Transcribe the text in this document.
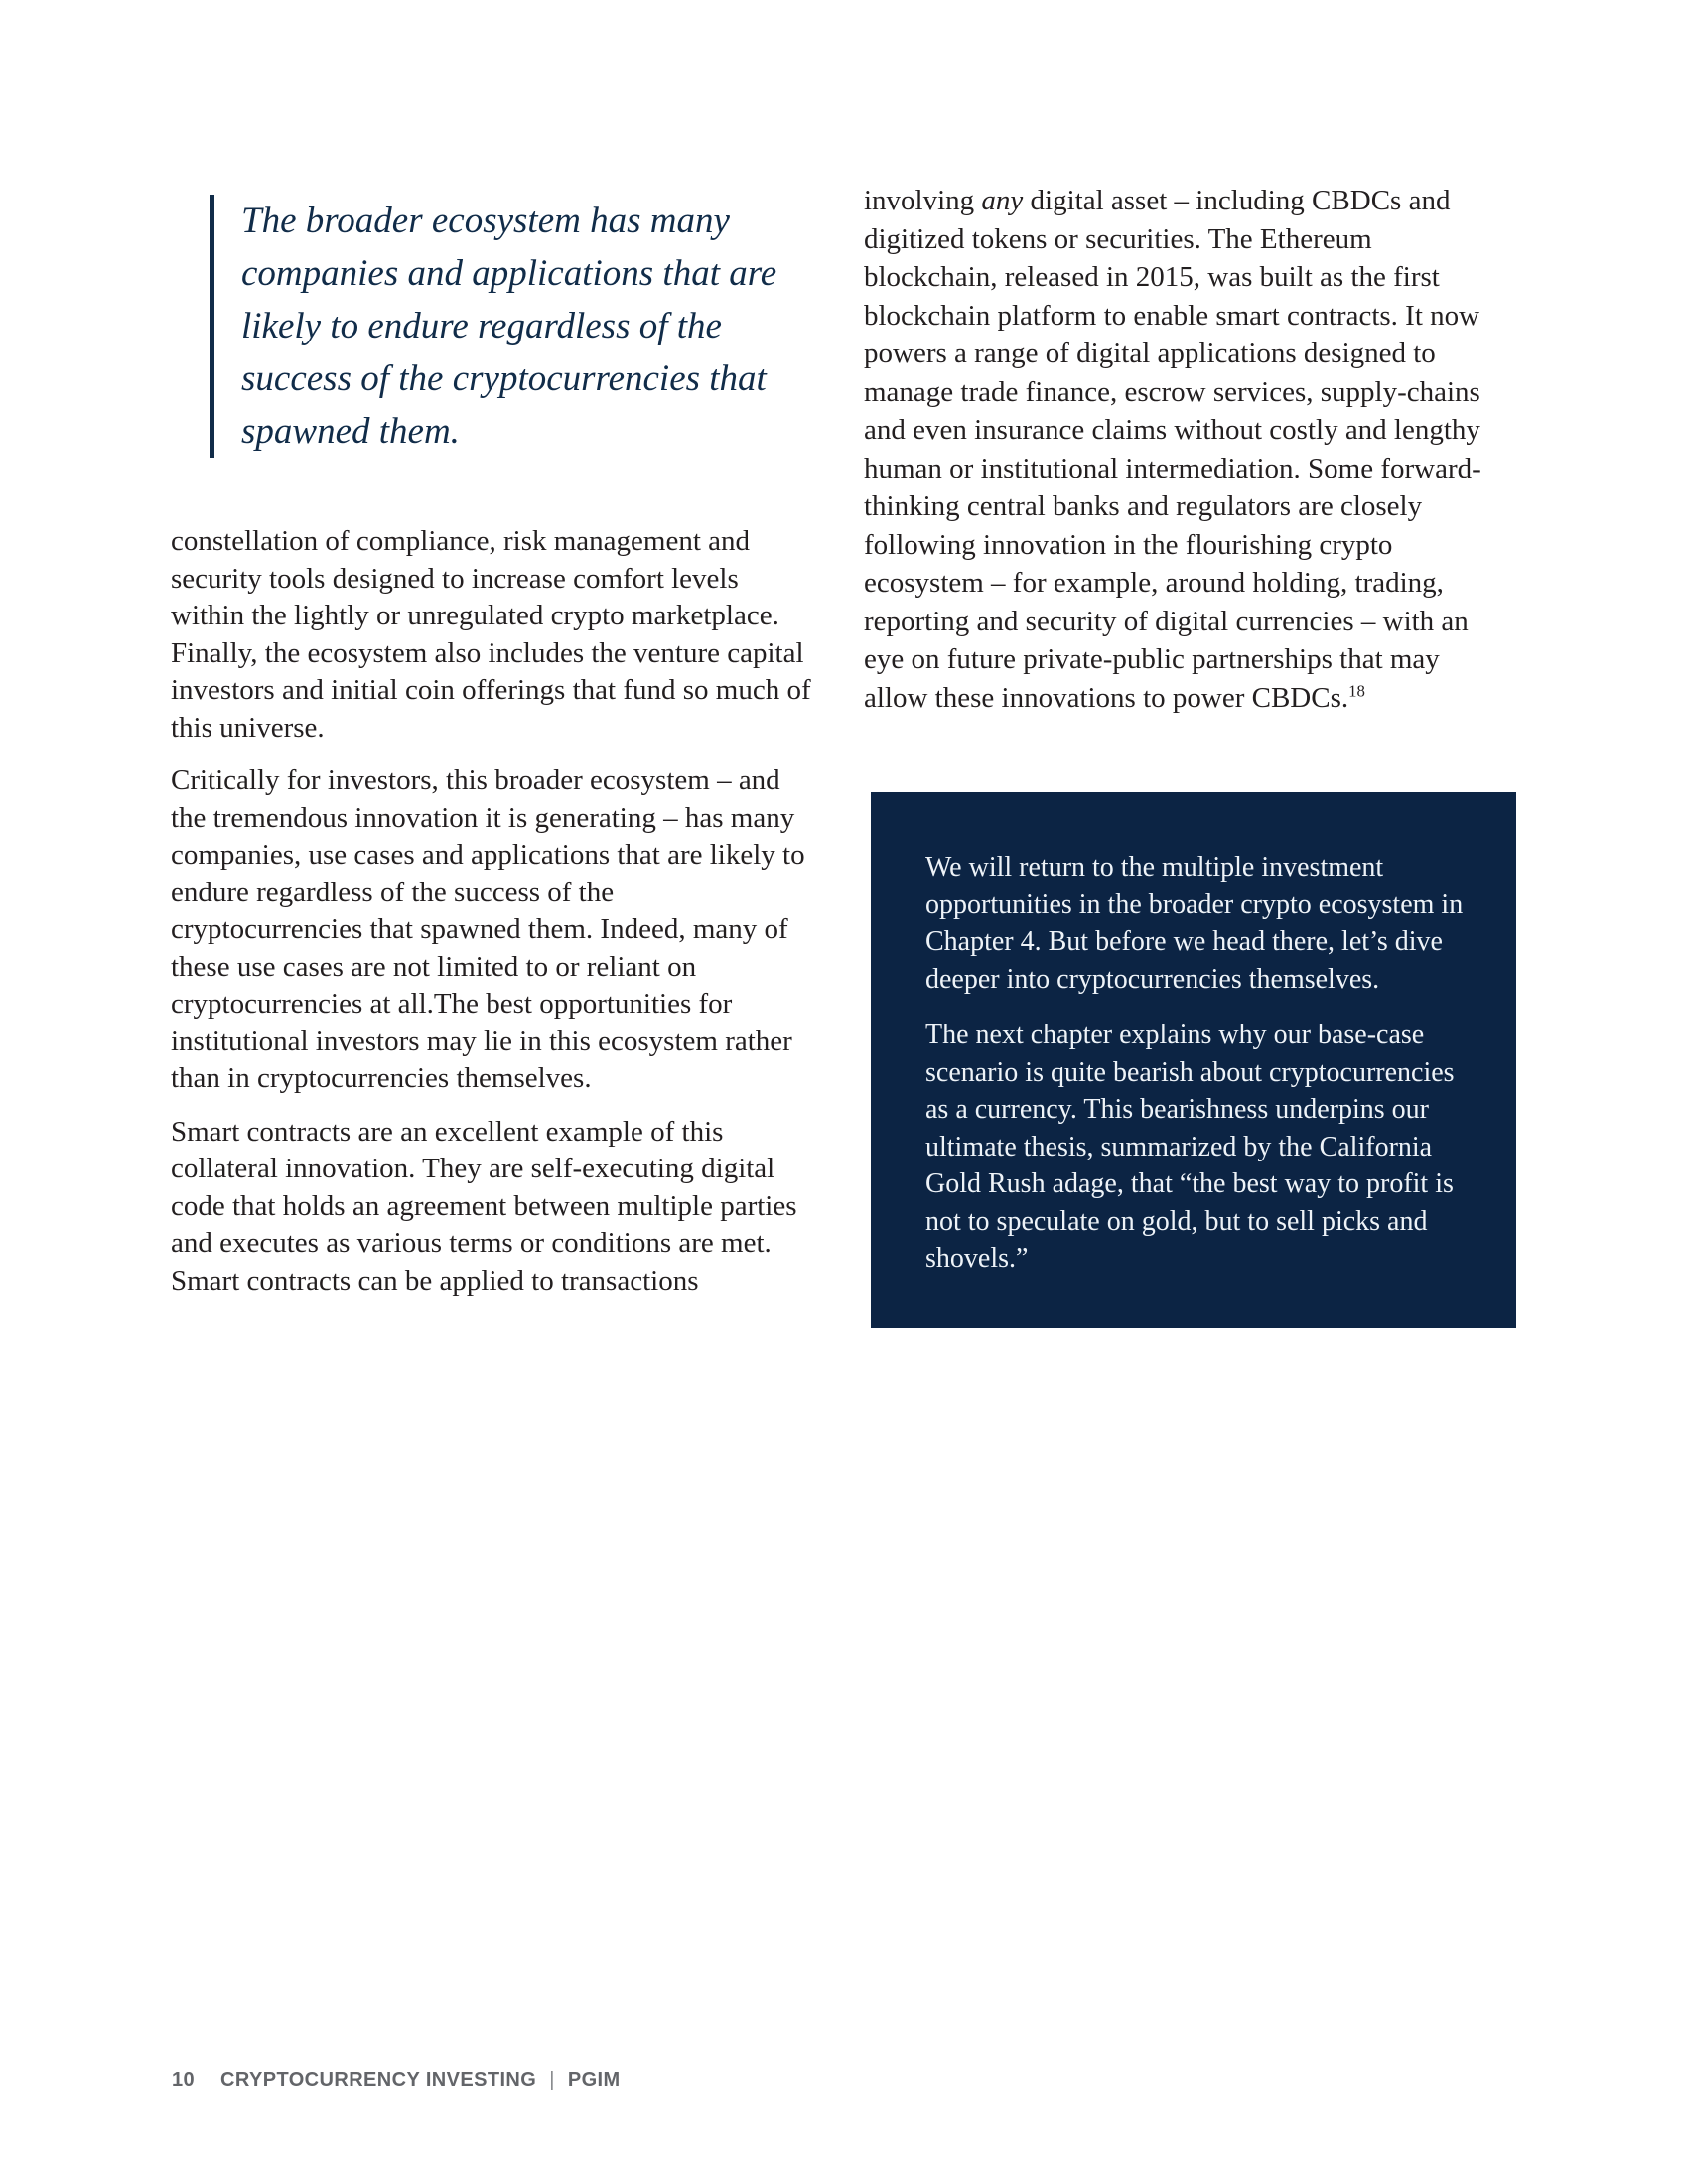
The broader ecosystem has many companies and applications that are likely to endure regardless of the success of the cryptocurrencies that spawned them.

constellation of compliance, risk management and security tools designed to increase comfort levels within the lightly or unregulated crypto marketplace. Finally, the ecosystem also includes the venture capital investors and initial coin offerings that fund so much of this universe.

Critically for investors, this broader ecosystem – and the tremendous innovation it is generating – has many companies, use cases and applications that are likely to endure regardless of the success of the cryptocurrencies that spawned them. Indeed, many of these use cases are not limited to or reliant on cryptocurrencies at all.The best opportunities for institutional investors may lie in this ecosystem rather than in cryptocurrencies themselves.

Smart contracts are an excellent example of this collateral innovation. They are self-executing digital code that holds an agreement between multiple parties and executes as various terms or conditions are met. Smart contracts can be applied to transactions

involving any digital asset – including CBDCs and digitized tokens or securities. The Ethereum blockchain, released in 2015, was built as the first blockchain platform to enable smart contracts. It now powers a range of digital applications designed to manage trade finance, escrow services, supply-chains and even insurance claims without costly and lengthy human or institutional intermediation. Some forward-thinking central banks and regulators are closely following innovation in the flourishing crypto ecosystem – for example, around holding, trading, reporting and security of digital currencies – with an eye on future private-public partnerships that may allow these innovations to power CBDCs.$^{18}$

We will return to the multiple investment opportunities in the broader crypto ecosystem in Chapter 4. But before we head there, let’s dive deeper into cryptocurrencies themselves.

The next chapter explains why our base-case scenario is quite bearish about cryptocurrencies as a currency. This bearishness underpins our ultimate thesis, summarized by the California Gold Rush adage, that “the best way to profit is not to speculate on gold, but to sell picks and shovels.”

10 CRYPTOCURRENCY INVESTING | PGIM
